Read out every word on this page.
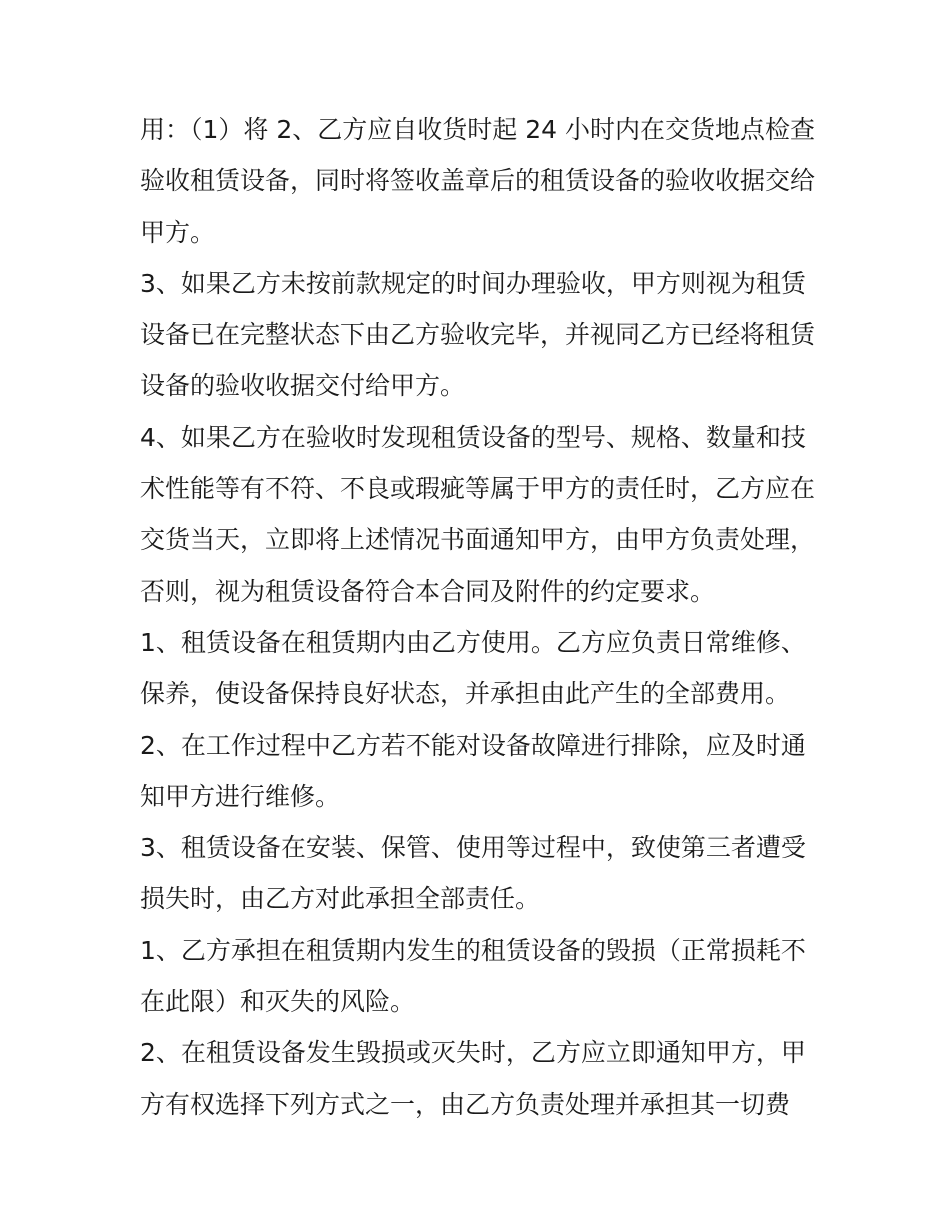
用：（1）将 2、乙方应自收货时起 24 小时内在交货地点检查
验收租赁设备，同时将签收盖章后的租赁设备的验收收据交给
甲方。
3、如果乙方未按前款规定的时间办理验收，甲方则视为租赁
设备已在完整状态下由乙方验收完毕，并视同乙方已经将租赁
设备的验收收据交付给甲方。
4、如果乙方在验收时发现租赁设备的型号、规格、数量和技
术性能等有不符、不良或瑕疵等属于甲方的责任时，乙方应在
交货当天，立即将上述情况书面通知甲方，由甲方负责处理，
否则，视为租赁设备符合本合同及附件的约定要求。
1、租赁设备在租赁期内由乙方使用。乙方应负责日常维修、
保养，使设备保持良好状态，并承担由此产生的全部费用。
2、在工作过程中乙方若不能对设备故障进行排除，应及时通
知甲方进行维修。
3、租赁设备在安装、保管、使用等过程中，致使第三者遭受
损失时，由乙方对此承担全部责任。
1、乙方承担在租赁期内发生的租赁设备的毁损（正常损耗不
在此限）和灭失的风险。
2、在租赁设备发生毁损或灭失时，乙方应立即通知甲方，甲
方有权选择下列方式之一，由乙方负责处理并承担其一切费
